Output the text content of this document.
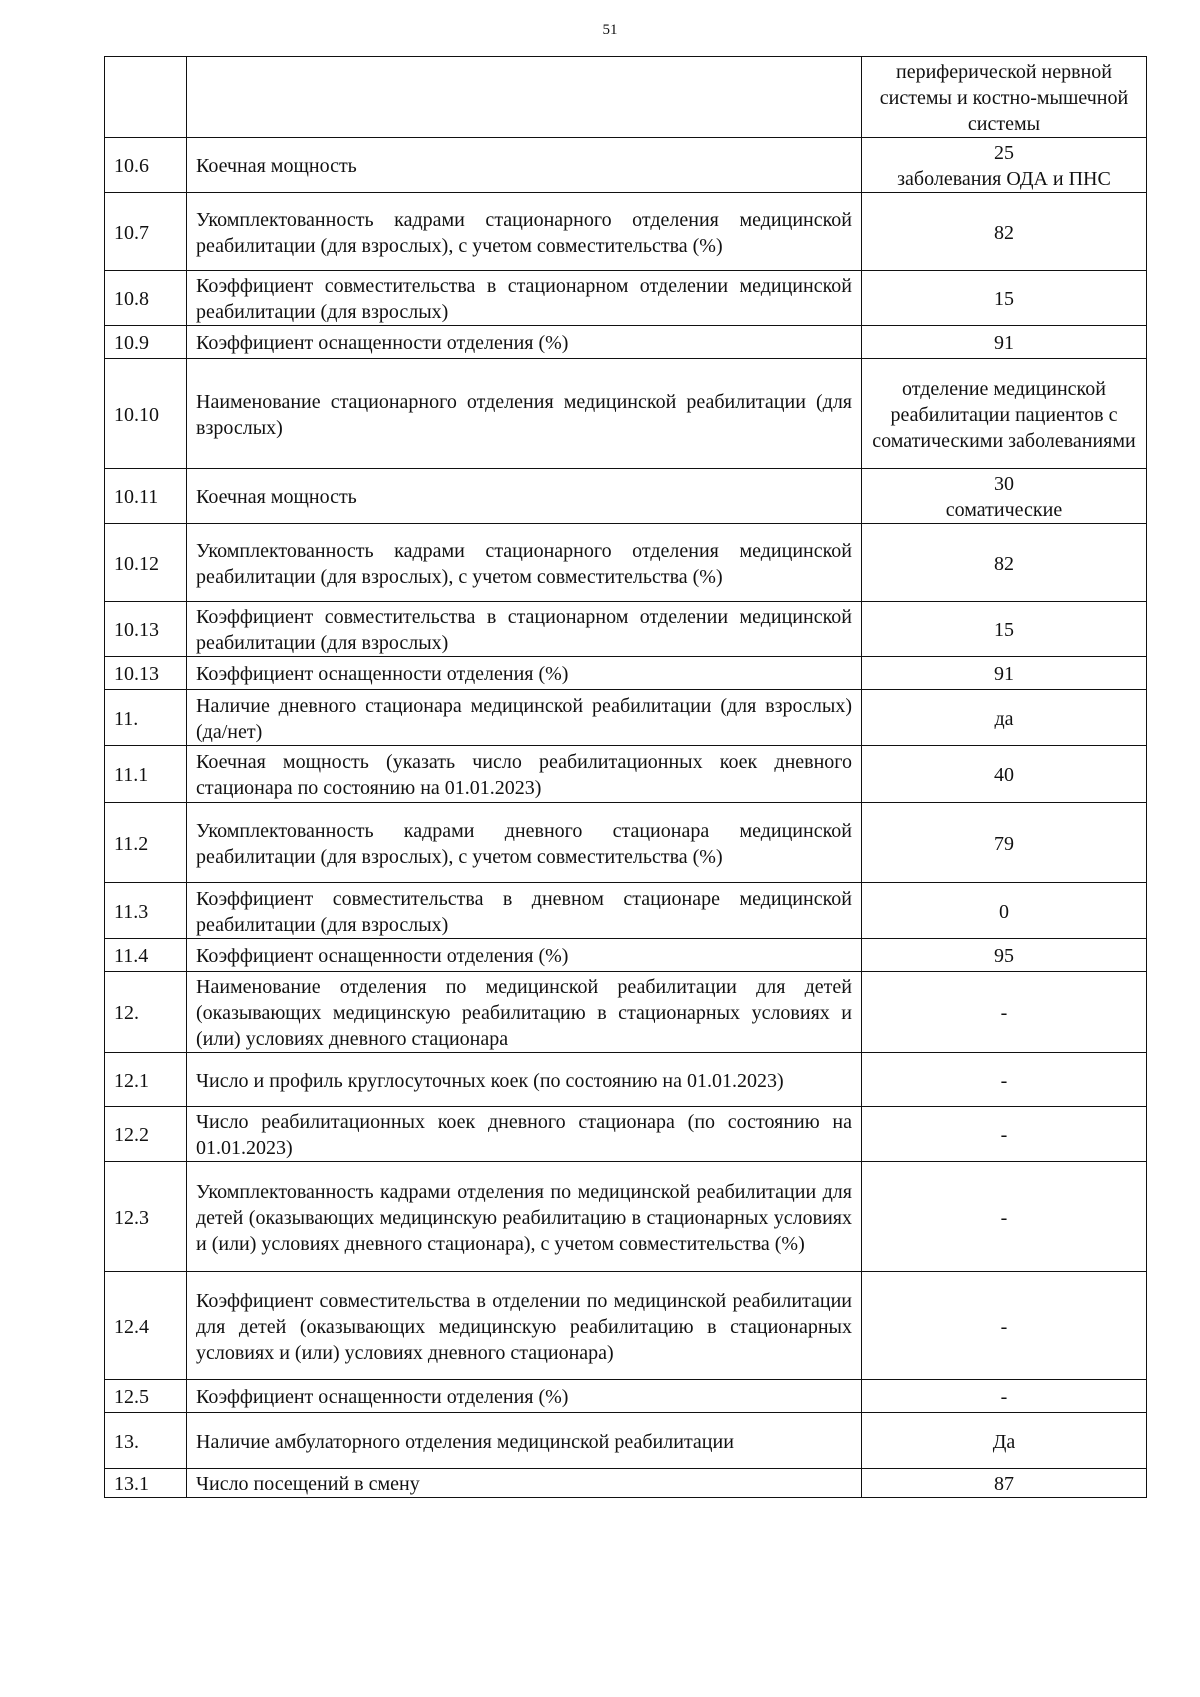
51
		периферической нервной системы и костно-мышечной системы
10.6	Коечная мощность	25
заболевания ОДА и ПНС
10.7	Укомплектованность кадрами стационарного отделения медицинской реабилитации (для взрослых), с учетом совместительства (%)	82
10.8	Коэффициент совместительства в стационарном отделении медицинской реабилитации (для взрослых)	15
10.9	Коэффициент оснащенности отделения (%)	91
10.10	Наименование стационарного отделения медицинской реабилитации (для взрослых)	отделение медицинской реабилитации пациентов с соматическими заболеваниями
10.11	Коечная мощность	30
соматические
10.12	Укомплектованность кадрами стационарного отделения медицинской реабилитации (для взрослых), с учетом совместительства (%)	82
10.13	Коэффициент совместительства в стационарном отделении медицинской реабилитации (для взрослых)	15
10.13	Коэффициент оснащенности отделения (%)	91
11.	Наличие дневного стационара медицинской реабилитации (для взрослых) (да/нет)	да
11.1	Коечная мощность (указать число реабилитационных коек дневного стационара по состоянию на 01.01.2023)	40
11.2	Укомплектованность кадрами дневного стационара медицинской реабилитации (для взрослых), с учетом совместительства (%)	79
11.3	Коэффициент совместительства в дневном стационаре медицинской реабилитации (для взрослых)	0
11.4	Коэффициент оснащенности отделения (%)	95
12.	Наименование отделения по медицинской реабилитации для детей (оказывающих медицинскую реабилитацию в стационарных условиях и (или) условиях дневного стационара	-
12.1	Число и профиль круглосуточных коек (по состоянию на 01.01.2023)	-
12.2	Число реабилитационных коек дневного стационара (по состоянию на 01.01.2023)	-
12.3	Укомплектованность кадрами отделения по медицинской реабилитации для детей (оказывающих медицинскую реабилитацию в стационарных условиях и (или) условиях дневного стационара), с учетом совместительства (%)	-
12.4	Коэффициент совместительства в отделении по медицинской реабилитации для детей (оказывающих медицинскую реабилитацию в стационарных условиях и (или) условиях дневного стационара)	-
12.5	Коэффициент оснащенности отделения (%)	-
13.	Наличие амбулаторного отделения медицинской реабилитации	Да
13.1	Число посещений в смену	87
